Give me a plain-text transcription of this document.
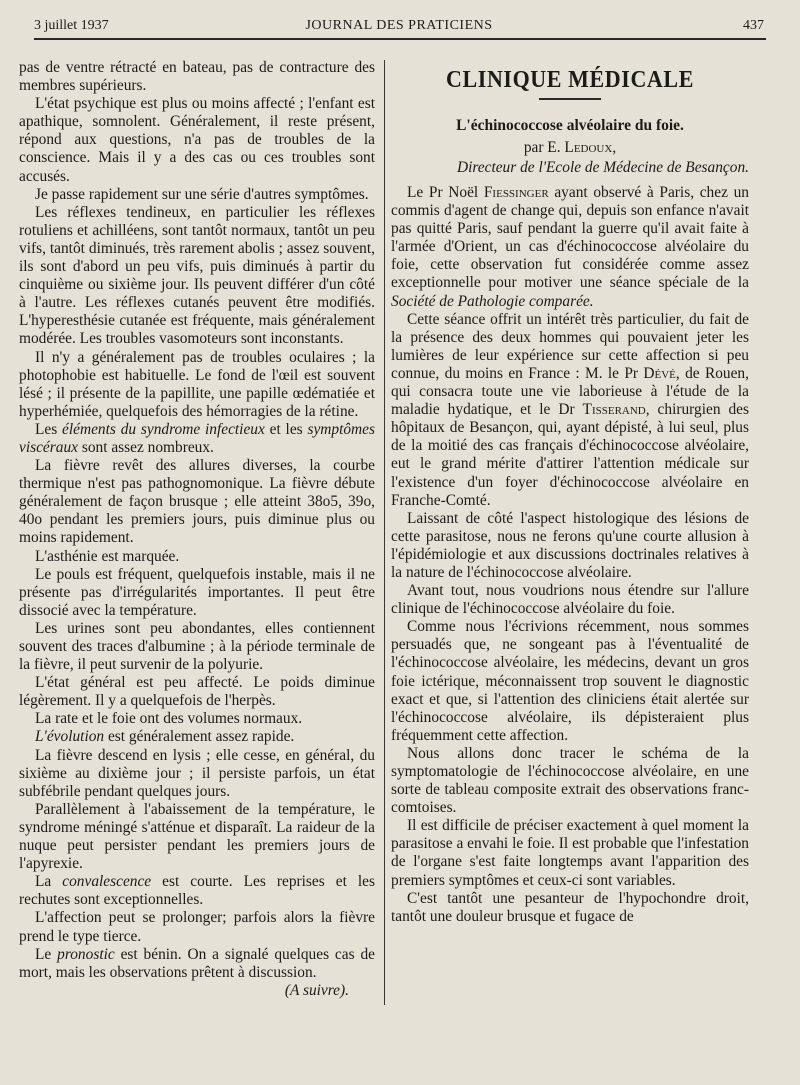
3 juillet 1937	JOURNAL DES PRATICIENS	437

pas de ventre rétracté en bateau, pas de contracture des membres supérieurs.

L'état psychique est plus ou moins affecté ; l'enfant est apathique, somnolent. Généralement, il reste présent, répond aux questions, n'a pas de troubles de la conscience. Mais il y a des cas ou ces troubles sont accusés.

Je passe rapidement sur une série d'autres symptômes.

Les réflexes tendineux, en particulier les réflexes rotuliens et achilléens, sont tantôt normaux, tantôt un peu vifs, tantôt diminués, très rarement abolis ; assez souvent, ils sont d'abord un peu vifs, puis diminués à partir du cinquième ou sixième jour. Ils peuvent différer d'un côté à l'autre. Les réflexes cutanés peuvent être modifiés. L'hyperesthésie cutanée est fréquente, mais généralement modérée. Les troubles vasomoteurs sont inconstants.

Il n'y a généralement pas de troubles oculaires ; la photophobie est habituelle. Le fond de l'œil est souvent lésé ; il présente de la papillite, une papille œdématiée et hyperhémiée, quelquefois des hémorragies de la rétine.

Les éléments du syndrome infectieux et les symptômes viscéraux sont assez nombreux.

La fièvre revêt des allures diverses, la courbe thermique n'est pas pathognomonique. La fièvre débute généralement de façon brusque ; elle atteint 38o5, 39o, 40o pendant les premiers jours, puis diminue plus ou moins rapidement.

L'asthénie est marquée.

Le pouls est fréquent, quelquefois instable, mais il ne présente pas d'irrégularités importantes. Il peut être dissocié avec la température.

Les urines sont peu abondantes, elles contiennent souvent des traces d'albumine ; à la période terminale de la fièvre, il peut survenir de la polyurie.

L'état général est peu affecté. Le poids diminue légèrement. Il y a quelquefois de l'herpès.

La rate et le foie ont des volumes normaux.

L'évolution est généralement assez rapide.

La fièvre descend en lysis ; elle cesse, en général, du sixième au dixième jour ; il persiste parfois, un état subfébrile pendant quelques jours.

Parallèlement à l'abaissement de la température, le syndrome méningé s'atténue et disparaît. La raideur de la nuque peut persister pendant les premiers jours de l'apyrexie.

La convalescence est courte. Les reprises et les rechutes sont exceptionnelles.

L'affection peut se prolonger; parfois alors la fièvre prend le type tierce.

Le pronostic est bénin. On a signalé quelques cas de mort, mais les observations prêtent à discussion.

(A suivre).

CLINIQUE MÉDICALE
L'échinococcose alvéolaire du foie.
par E. Ledoux,
Directeur de l'Ecole de Médecine de Besançon.

Le Pr Noël Fiessinger ayant observé à Paris, chez un commis d'agent de change qui, depuis son enfance n'avait pas quitté Paris, sauf pendant la guerre qu'il avait faite à l'armée d'Orient, un cas d'échinococcose alvéolaire du foie, cette observation fut considérée comme assez exceptionnelle pour motiver une séance spéciale de la Société de Pathologie comparée.

Cette séance offrit un intérêt très particulier, du fait de la présence des deux hommes qui pouvaient jeter les lumières de leur expérience sur cette affection si peu connue, du moins en France : M. le Pr Dévé, de Rouen, qui consacra toute une vie laborieuse à l'étude de la maladie hydatique, et le Dr Tisserand, chirurgien des hôpitaux de Besançon, qui, ayant dépisté, à lui seul, plus de la moitié des cas français d'échinococcose alvéolaire, eut le grand mérite d'attirer l'attention médicale sur l'existence d'un foyer d'échinococcose alvéolaire en Franche-Comté.

Laissant de côté l'aspect histologique des lésions de cette parasitose, nous ne ferons qu'une courte allusion à l'épidémiologie et aux discussions doctrinales relatives à la nature de l'échinococcose alvéolaire.

Avant tout, nous voudrions nous étendre sur l'allure clinique de l'échinococcose alvéolaire du foie.

Comme nous l'écrivions récemment, nous sommes persuadés que, ne songeant pas à l'éventualité de l'échinococcose alvéolaire, les médecins, devant un gros foie ictérique, méconnaissent trop souvent le diagnostic exact et que, si l'attention des cliniciens était alertée sur l'échinococcose alvéolaire, ils dépisteraient plus fréquemment cette affection.

Nous allons donc tracer le schéma de la symptomatologie de l'échinococcose alvéolaire, en une sorte de tableau composite extrait des observations franc-comtoises.

Il est difficile de préciser exactement à quel moment la parasitose a envahi le foie. Il est probable que l'infestation de l'organe s'est faite longtemps avant l'apparition des premiers symptômes et ceux-ci sont variables.

C'est tantôt une pesanteur de l'hypochondre droit, tantôt une douleur brusque et fugace de
